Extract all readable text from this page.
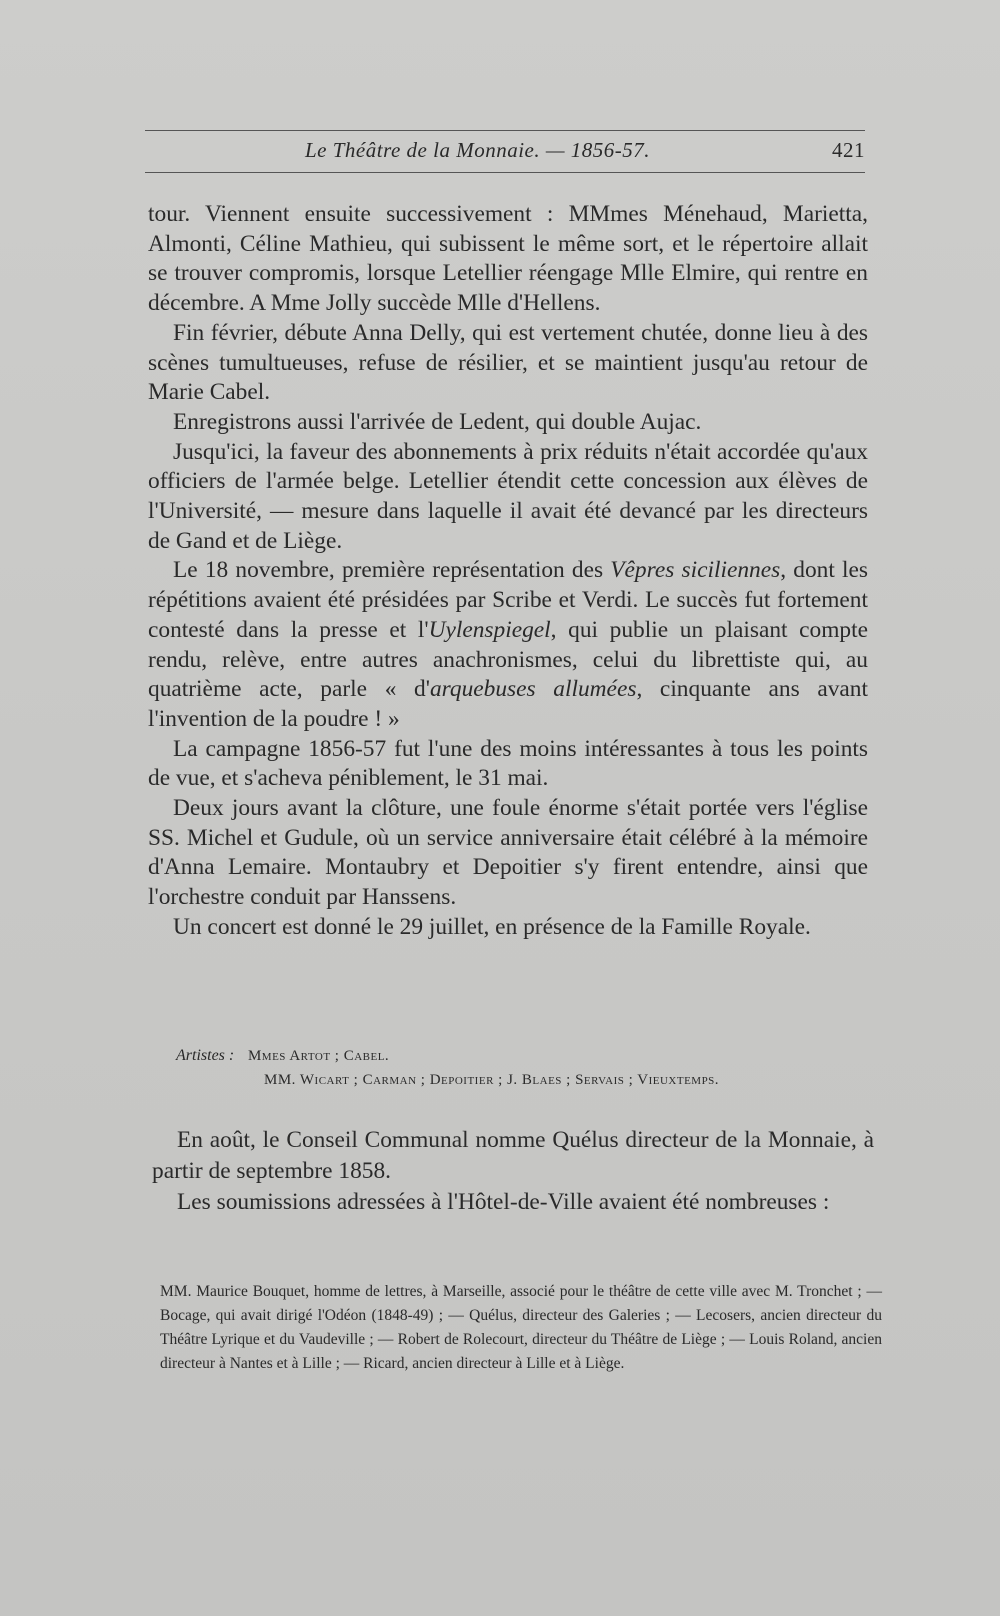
Le Théâtre de la Monnaie. — 1856-57.	421

tour. Viennent ensuite successivement : MMmes Ménehaud, Marietta, Almonti, Céline Mathieu, qui subissent le même sort, et le répertoire allait se trouver compromis, lorsque Letellier réengage Mlle Elmire, qui rentre en décembre. A Mme Jolly succède Mlle d'Hellens.

Fin février, débute Anna Delly, qui est vertement chutée, donne lieu à des scènes tumultueuses, refuse de résilier, et se maintient jusqu'au retour de Marie Cabel.

Enregistrons aussi l'arrivée de Ledent, qui double Aujac.

Jusqu'ici, la faveur des abonnements à prix réduits n'était accordée qu'aux officiers de l'armée belge. Letellier étendit cette concession aux élèves de l'Université, — mesure dans laquelle il avait été devancé par les directeurs de Gand et de Liège.

Le 18 novembre, première représentation des Vêpres siciliennes, dont les répétitions avaient été présidées par Scribe et Verdi. Le succès fut fortement contesté dans la presse et l'Uylenspiegel, qui publie un plaisant compte rendu, relève, entre autres anachronismes, celui du librettiste qui, au quatrième acte, parle « d'arquebuses allumées, cinquante ans avant l'invention de la poudre ! »

La campagne 1856-57 fut l'une des moins intéressantes à tous les points de vue, et s'acheva péniblement, le 31 mai.

Deux jours avant la clôture, une foule énorme s'était portée vers l'église SS. Michel et Gudule, où un service anniversaire était célébré à la mémoire d'Anna Lemaire. Montaubry et Depoitier s'y firent entendre, ainsi que l'orchestre conduit par Hanssens.

Un concert est donné le 29 juillet, en présence de la Famille Royale.

Artistes : Mmes Artot ; Cabel.
MM. Wicart ; Carman ; Depoitier ; J. Blaes ; Servais ; Vieuxtemps.

En août, le Conseil Communal nomme Quélus directeur de la Monnaie, à partir de septembre 1858.

Les soumissions adressées à l'Hôtel-de-Ville avaient été nombreuses :

MM. Maurice Bouquet, homme de lettres, à Marseille, associé pour le théâtre de cette ville avec M. Tronchet ; — Bocage, qui avait dirigé l'Odéon (1848-49) ; — Quélus, directeur des Galeries ; — Lecosers, ancien directeur du Théâtre Lyrique et du Vaudeville ; — Robert de Rolecourt, directeur du Théâtre de Liège ; — Louis Roland, ancien directeur à Nantes et à Lille ; — Ricard, ancien directeur à Lille et à Liège.
